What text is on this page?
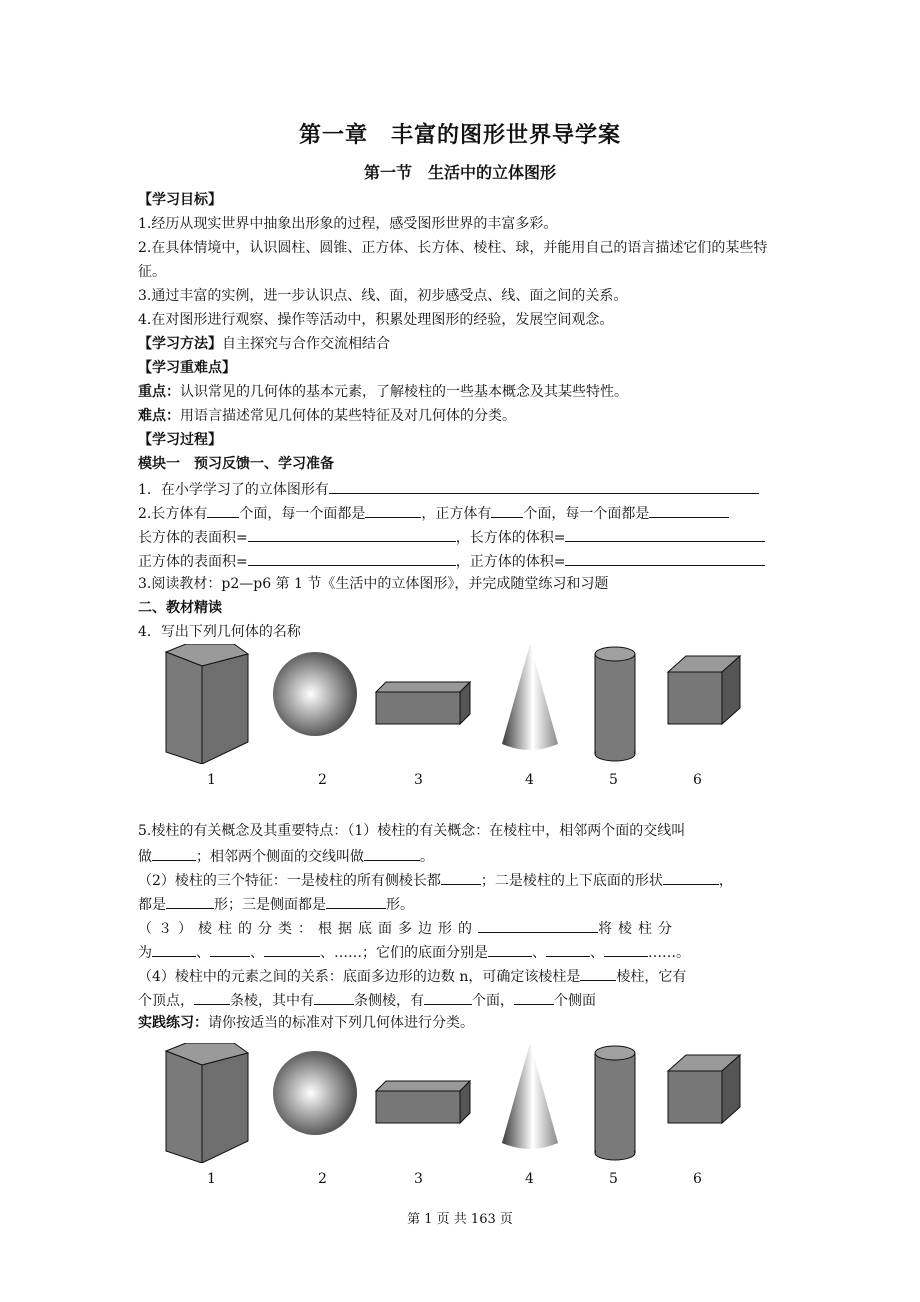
第一章　丰富的图形世界导学案
第一节　生活中的立体图形
【学习目标】
1.经历从现实世界中抽象出形象的过程，感受图形世界的丰富多彩。
2.在具体情境中，认识圆柱、圆锥、正方体、长方体、棱柱、球，并能用自己的语言描述它们的某些特征。
3.通过丰富的实例，进一步认识点、线、面，初步感受点、线、面之间的关系。
4.在对图形进行观察、操作等活动中，积累处理图形的经验，发展空间观念。
【学习方法】自主探究与合作交流相结合
【学习重难点】
重点：认识常见的几何体的基本元素，了解棱柱的一些基本概念及其某些特性。
难点：用语言描述常见几何体的某些特征及对几何体的分类。
【学习过程】
模块一　预习反馈一、学习准备
1．在小学学习了的立体图形有
2.长方体有 个面，每一个面都是	，正方体有 个面，每一个面都是
长方体的表面积=	，长方体的体积=
正方体的表面积=	，正方体的体积=
3.阅读教材：p2—p6 第 1 节《生活中的立体图形》，并完成随堂练习和习题
二、教材精读
4．写出下列几何体的名称
1	2	3	4	5	6
5.棱柱的有关概念及其重要特点：（1）棱柱的有关概念：在棱柱中，相邻两个面的交线叫
做	；相邻两个侧面的交线叫做	。
（2）棱柱的三个特征：一是棱柱的所有侧棱长都	；二是棱柱的上下底面的形状	，
都是	形；三是侧面都是	形。
（３）棱柱的分类：根据底面多边形的	将棱柱分
为	、	、	、……；它们的底面分别是	、	、	……。
（4）棱柱中的元素之间的关系：底面多边形的边数 n，可确定该棱柱是	棱柱，它有
个顶点，	条棱，其中有	条侧棱，有	个面，	个侧面
实践练习：请你按适当的标准对下列几何体进行分类。
1	2	3	4	5	6
第 1 页 共 163 页
